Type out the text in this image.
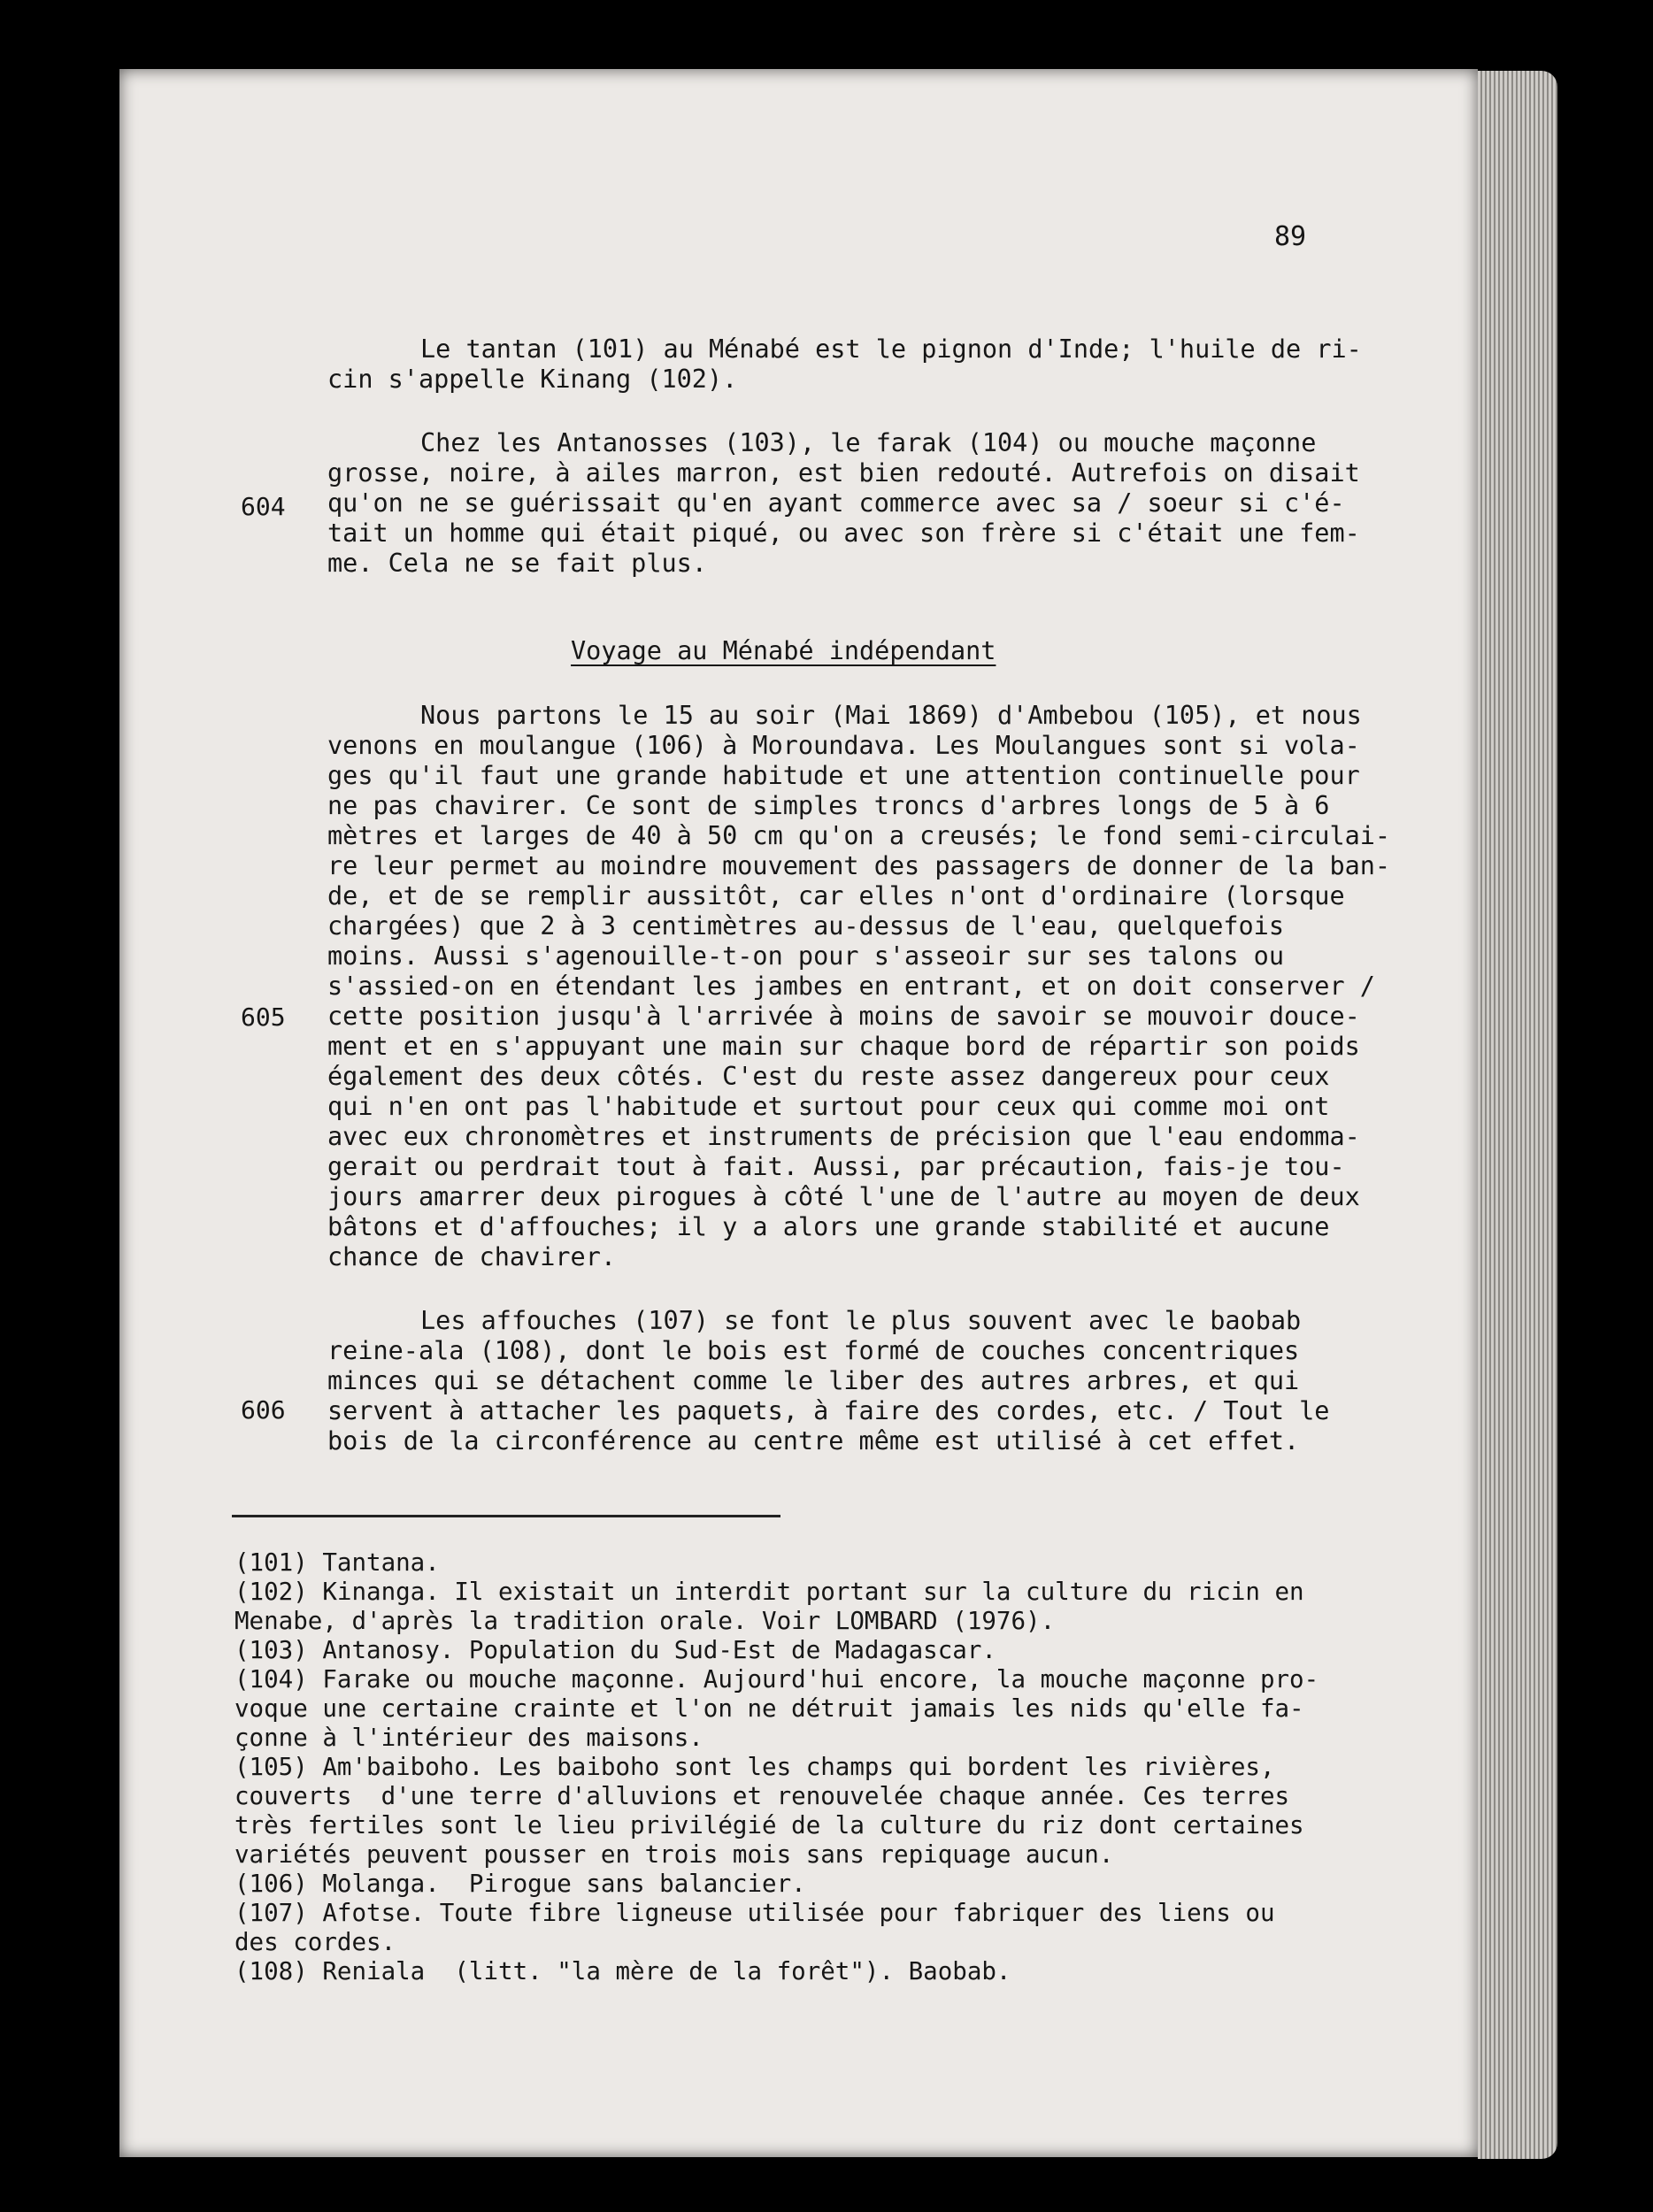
89
604
605
606
Le tantan (101) au Ménabé est le pignon d'Inde; l'huile de ri-
cin s'appelle Kinang (102).
Chez les Antanosses (103), le farak (104) ou mouche maçonne
grosse, noire, à ailes marron, est bien redouté. Autrefois on disait
qu'on ne se guérissait qu'en ayant commerce avec sa / soeur si c'é-
tait un homme qui était piqué, ou avec son frère si c'était une fem-
me. Cela ne se fait plus.
Voyage au Ménabé indépendant
Nous partons le 15 au soir (Mai 1869) d'Ambebou (105), et nous
venons en moulangue (106) à Moroundava. Les Moulangues sont si vola-
ges qu'il faut une grande habitude et une attention continuelle pour
ne pas chavirer. Ce sont de simples troncs d'arbres longs de 5 à 6
mètres et larges de 40 à 50 cm qu'on a creusés; le fond semi-circulai-
re leur permet au moindre mouvement des passagers de donner de la ban-
de, et de se remplir aussitôt, car elles n'ont d'ordinaire (lorsque
chargées) que 2 à 3 centimètres au-dessus de l'eau, quelquefois
moins. Aussi s'agenouille-t-on pour s'asseoir sur ses talons ou
s'assied-on en étendant les jambes en entrant, et on doit conserver /
cette position jusqu'à l'arrivée à moins de savoir se mouvoir douce-
ment et en s'appuyant une main sur chaque bord de répartir son poids
également des deux côtés. C'est du reste assez dangereux pour ceux
qui n'en ont pas l'habitude et surtout pour ceux qui comme moi ont
avec eux chronomètres et instruments de précision que l'eau endomma-
gerait ou perdrait tout à fait. Aussi, par précaution, fais-je tou-
jours amarrer deux pirogues à côté l'une de l'autre au moyen de deux
bâtons et d'affouches; il y a alors une grande stabilité et aucune
chance de chavirer.
Les affouches (107) se font le plus souvent avec le baobab
reine-ala (108), dont le bois est formé de couches concentriques
minces qui se détachent comme le liber des autres arbres, et qui
servent à attacher les paquets, à faire des cordes, etc. / Tout le
bois de la circonférence au centre même est utilisé à cet effet.
(101) Tantana.
(102) Kinanga. Il existait un interdit portant sur la culture du ricin en
Menabe, d'après la tradition orale. Voir LOMBARD (1976).
(103) Antanosy. Population du Sud-Est de Madagascar.
(104) Farake ou mouche maçonne. Aujourd'hui encore, la mouche maçonne pro-
voque une certaine crainte et l'on ne détruit jamais les nids qu'elle fa-
çonne à l'intérieur des maisons.
(105) Am'baiboho. Les baiboho sont les champs qui bordent les rivières,
couverts  d'une terre d'alluvions et renouvelée chaque année. Ces terres
très fertiles sont le lieu privilégié de la culture du riz dont certaines
variétés peuvent pousser en trois mois sans repiquage aucun.
(106) Molanga.  Pirogue sans balancier.
(107) Afotse. Toute fibre ligneuse utilisée pour fabriquer des liens ou
des cordes.
(108) Reniala  (litt. "la mère de la forêt"). Baobab.
